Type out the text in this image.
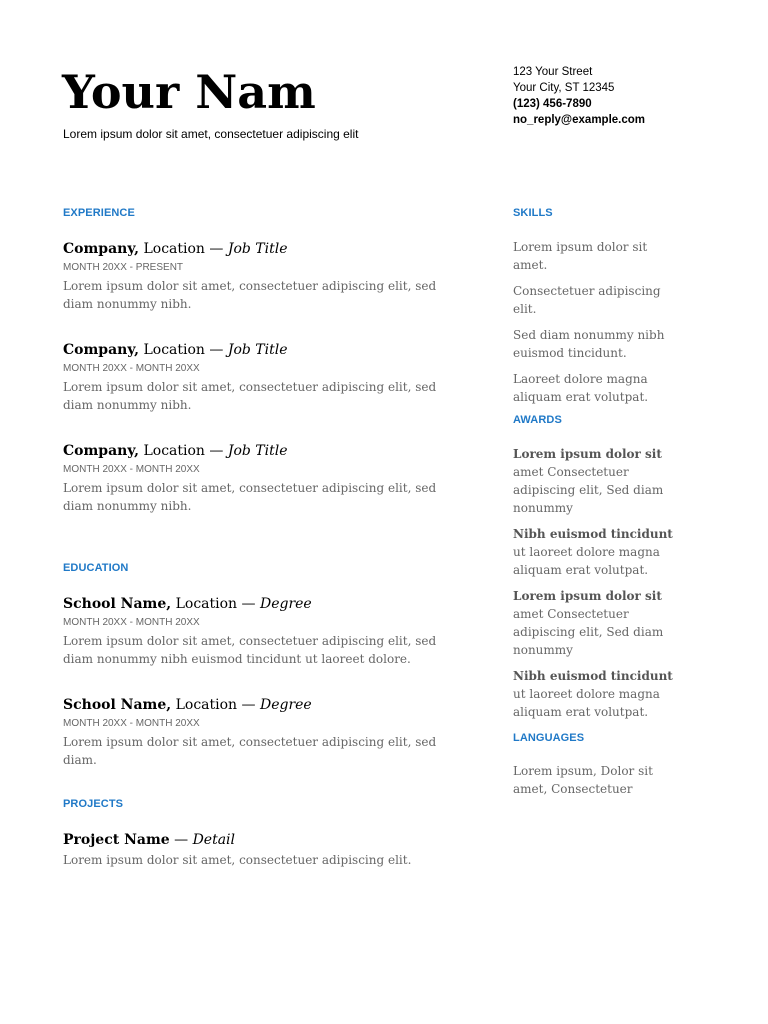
Your Nam
Lorem ipsum dolor sit amet, consectetuer adipiscing elit
123 Your Street
Your City, ST 12345
(123) 456-7890
no_reply@example.com
EXPERIENCE
Company, Location — Job Title
MONTH 20XX - PRESENT
Lorem ipsum dolor sit amet, consectetuer adipiscing elit, sed diam nonummy nibh.
Company, Location — Job Title
MONTH 20XX - MONTH 20XX
Lorem ipsum dolor sit amet, consectetuer adipiscing elit, sed diam nonummy nibh.
Company, Location — Job Title
MONTH 20XX - MONTH 20XX
Lorem ipsum dolor sit amet, consectetuer adipiscing elit, sed diam nonummy nibh.
EDUCATION
School Name, Location — Degree
MONTH 20XX - MONTH 20XX
Lorem ipsum dolor sit amet, consectetuer adipiscing elit, sed diam nonummy nibh euismod tincidunt ut laoreet dolore.
School Name, Location — Degree
MONTH 20XX - MONTH 20XX
Lorem ipsum dolor sit amet, consectetuer adipiscing elit, sed diam.
PROJECTS
Project Name — Detail
Lorem ipsum dolor sit amet, consectetuer adipiscing elit.
SKILLS
Lorem ipsum dolor sit amet.
Consectetuer adipiscing elit.
Sed diam nonummy nibh euismod tincidunt.
Laoreet dolore magna aliquam erat volutpat.
AWARDS
Lorem ipsum dolor sit amet Consectetuer adipiscing elit, Sed diam nonummy
Nibh euismod tincidunt ut laoreet dolore magna aliquam erat volutpat.
Lorem ipsum dolor sit amet Consectetuer adipiscing elit, Sed diam nonummy
Nibh euismod tincidunt ut laoreet dolore magna aliquam erat volutpat.
LANGUAGES
Lorem ipsum, Dolor sit amet, Consectetuer
